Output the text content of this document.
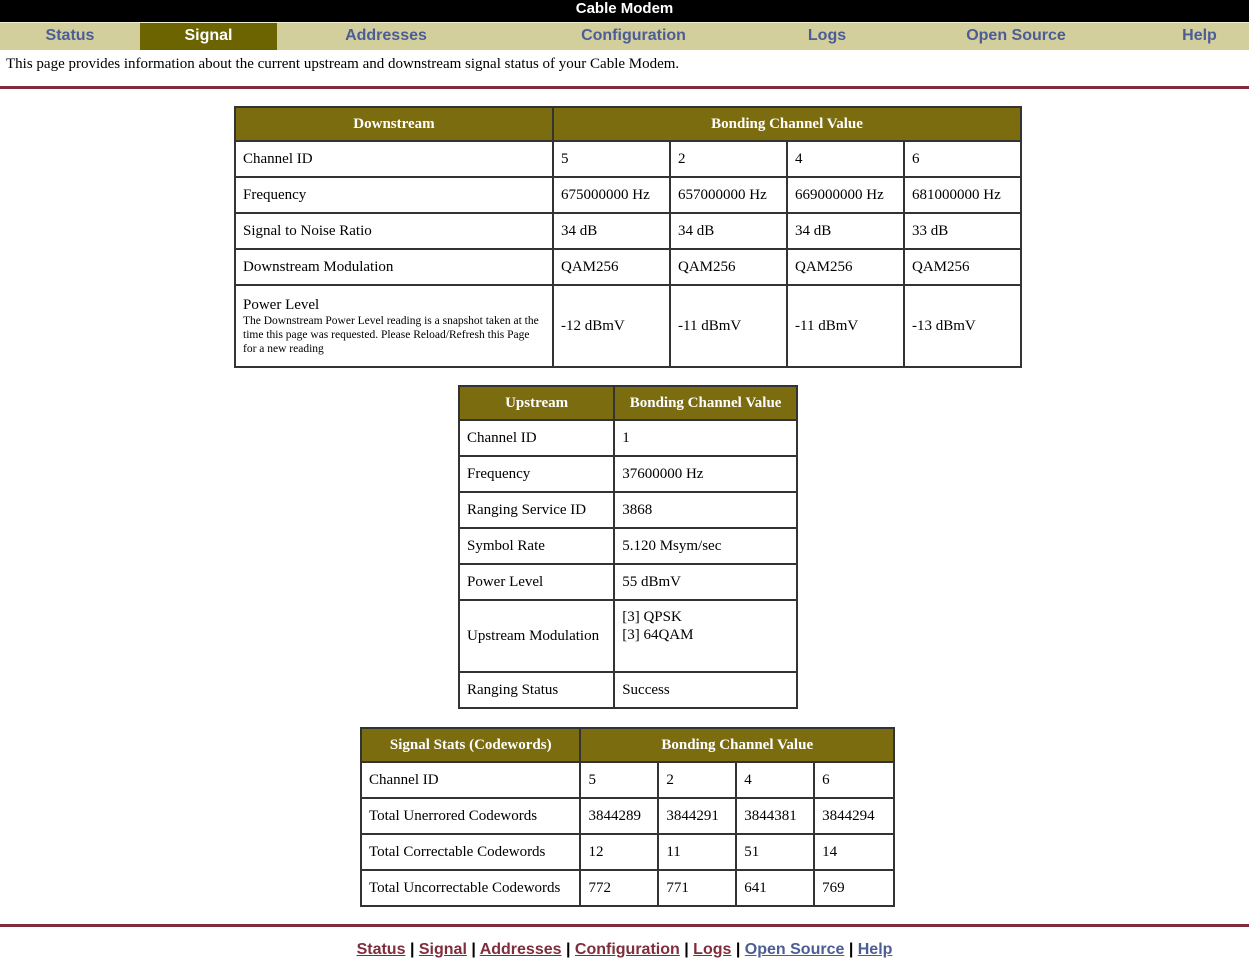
Cable Modem
Status	Signal	Addresses	Configuration	Logs	Open Source	Help
This page provides information about the current upstream and downstream signal status of your Cable Modem.
Downstream	Bonding Channel Value			
Channel ID	5	2	4	6
Frequency	675000000 Hz	657000000 Hz	669000000 Hz	681000000 Hz
Signal to Noise Ratio	34 dB	34 dB	34 dB	33 dB
Downstream Modulation	QAM256	QAM256	QAM256	QAM256

Power Level
The Downstream Power Level reading is a snapshot taken at the time this page was requested. Please Reload/Refresh this Page for a new reading	-12 dBmV	-11 dBmV	-11 dBmV	-13 dBmV
Upstream	Bonding Channel Value
Channel ID	1
Frequency	37600000 Hz
Ranging Service ID	3868
Symbol Rate	5.120 Msym/sec
Power Level	55 dBmV
Upstream Modulation	[3] QPSK
[3] 64QAM

Ranging Status	Success
Signal Stats (Codewords)	Bonding Channel Value			
Channel ID	5	2	4	6
Total Unerrored Codewords	3844289	3844291	3844381	3844294
Total Correctable Codewords	12	11	51	14
Total Uncorrectable Codewords	772	771	641	769
Status | Signal | Addresses | Configuration | Logs | Open Source | Help
